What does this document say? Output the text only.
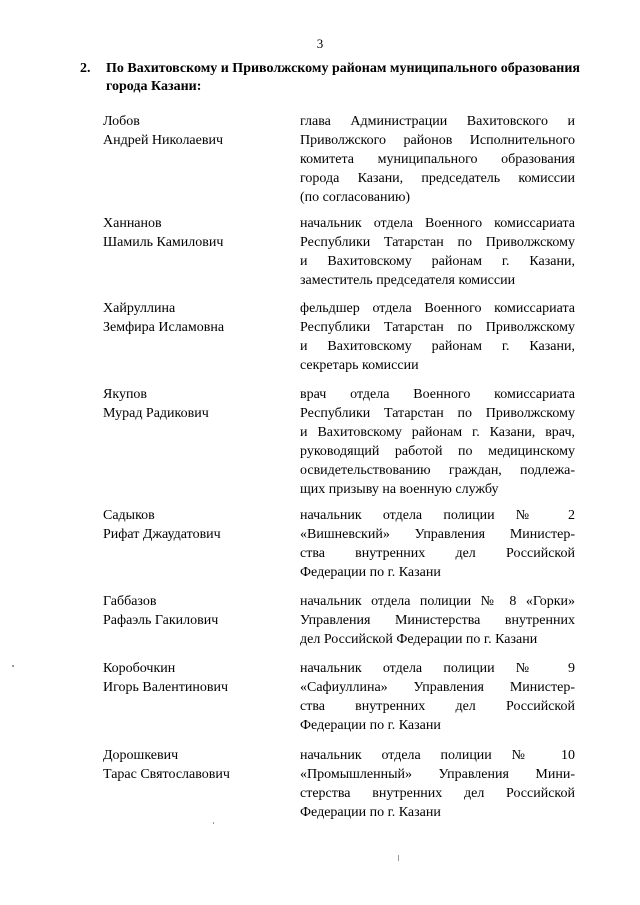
3
2. По Вахитовскому и Приволжскому районам муниципального образования города Казани:
Лобов
Андрей Николаевич
глава Администрации Вахитовского и
Приволжского районов Исполнительного
комитета муниципального образования
города Казани, председатель комиссии
(по согласованию)
Ханнанов
Шамиль Камилович
начальник отдела Военного комиссариата
Республики Татарстан по Приволжскому
и Вахитовскому районам г. Казани,
заместитель председателя комиссии
Хайруллина
Земфира Исламовна
фельдшер отдела Военного комиссариата
Республики Татарстан по Приволжскому
и Вахитовскому районам г. Казани,
секретарь комиссии
Якупов
Мурад Радикович
врач отдела Военного комиссариата
Республики Татарстан по Приволжскому
и Вахитовскому районам г. Казани, врач,
руководящий работой по медицинскому
освидетельствованию граждан, подлежа-
щих призыву на военную службу
Садыков
Рифат Джаудатович
начальник отдела полиции № 2
«Вишневский» Управления Министер-
ства внутренних дел Российской
Федерации по г. Казани
Габбазов
Рафаэль Гакилович
начальник отдела полиции № 8 «Горки»
Управления Министерства внутренних
дел Российской Федерации по г. Казани
Коробочкин
Игорь Валентинович
начальник отдела полиции № 9
«Сафиуллина» Управления Министер-
ства внутренних дел Российской
Федерации по г. Казани
Дорошкевич
Тарас Святославович
начальник отдела полиции № 10
«Промышленный» Управления Мини-
стерства внутренних дел Российской
Федерации по г. Казани
